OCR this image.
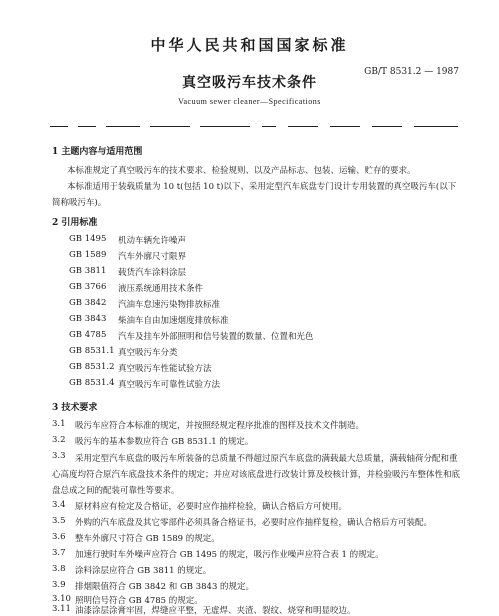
中华人民共和国国家标准
GB/T 8531.2 — 1987
真空吸污车技术条件
Vacuum sewer cleaner—Specifications
1 主题内容与适用范围
本标准规定了真空吸污车的技术要求、检验规则、以及产品标志、包装、运输、贮存的要求。
本标准适用于装载质量为 10 t(包括 10 t)以下、采用定型汽车底盘专门设计专用装置的真空吸污车(以下简称吸污车)。
2 引用标准
GB 1495 机动车辆允许噪声
GB 1589 汽车外廓尺寸限界
GB 3811 载货汽车涂料涂层
GB 3766 液压系统通用技术条件
GB 3842 汽油车怠速污染物排放标准
GB 3843 柴油车自由加速烟度排放标准
GB 4785 汽车及挂车外部照明和信号装置的数量、位置和光色
GB 8531.1 真空吸污车分类
GB 8531.2 真空吸污车性能试验方法
GB 8531.4 真空吸污车可靠性试验方法
3 技术要求
3.1 吸污车应符合本标准的规定，并按照经规定程序批准的图样及技术文件制造。
3.2 吸污车的基本参数应符合 GB 8531.1 的规定。
3.3	采用定型汽车底盘的吸污车所装备的总质量不得超过原汽车底盘的满载最大总质量，满载轴荷分配和重心高度均符合原汽车底盘技术条件的规定；并应对该底盘进行改装计算及校核计算，并检验吸污车整体性和底盘总成之间的配装可靠性等要求。
3.4 原材料应有检定及合格证，必要时应作抽样检验，确认合格后方可使用。
3.5 外购的汽车底盘及其它零部件必须具备合格证书，必要时应作抽样复检，确认合格后方可装配。
3.6 整车外廓尺寸符合 GB 1589 的规定。
3.7 加速行驶时车外噪声应符合 GB 1495 的规定，吸污作业噪声应符合表 1 的规定。
3.8 涂料涂层应符合 GB 3811 的规定。
3.9 排烟限值符合 GB 3842 和 GB 3843 的规定。
3.10 照明信号符合 GB 4785 的规定。
3.11 油漆涂层涂膏牢固，焊缝应平整，无虚焊、夹渣、裂纹、烧穿和明显咬边。
